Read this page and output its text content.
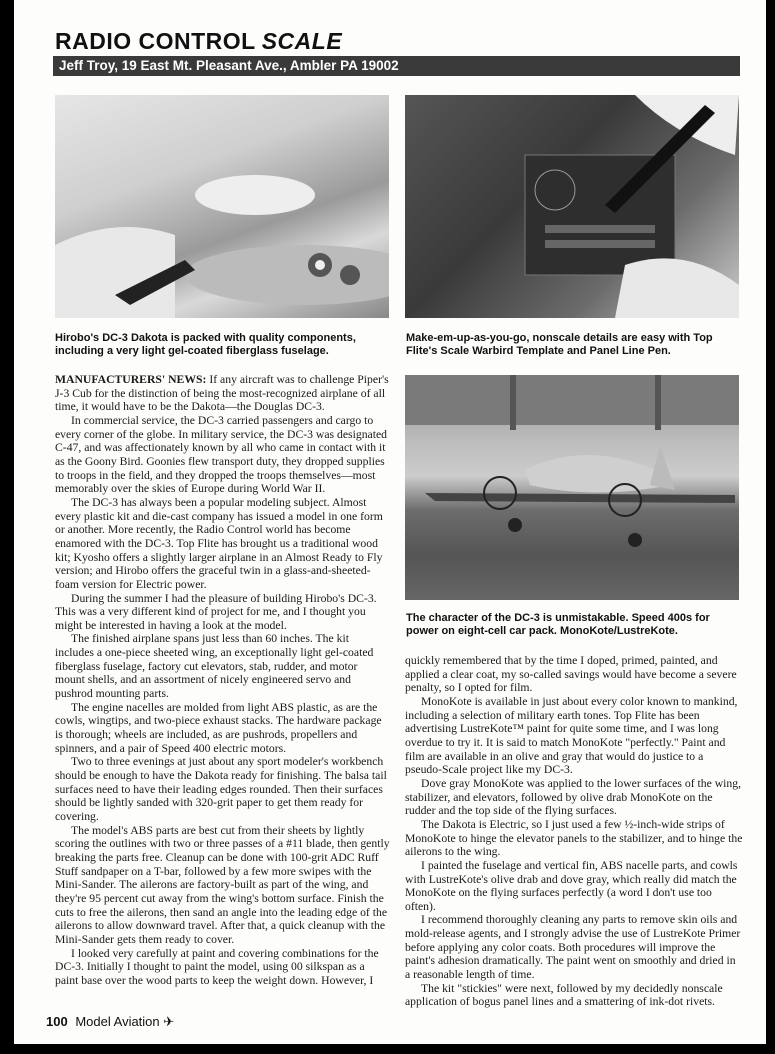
RADIO CONTROL SCALE
Jeff Troy, 19 East Mt. Pleasant Ave., Ambler PA 19002
Hirobo's DC-3 Dakota is packed with quality components, including a very light gel-coated fiberglass fuselage.
Make-em-up-as-you-go, nonscale details are easy with Top Flite's Scale Warbird Template and Panel Line Pen.
The character of the DC-3 is unmistakable. Speed 400s for power on eight-cell car pack. MonoKote/LustreKote.

MANUFACTURERS' NEWS: If any aircraft was to challenge Piper's J-3 Cub for the distinction of being the most-recognized airplane of all time, it would have to be the Dakota—the Douglas DC-3.

In commercial service, the DC-3 carried passengers and cargo to every corner of the globe. In military service, the DC-3 was designated C-47, and was affectionately known by all who came in contact with it as the Goony Bird. Goonies flew transport duty, they dropped supplies to troops in the field, and they dropped the troops themselves—most memorably over the skies of Europe during World War II.

The DC-3 has always been a popular modeling subject. Almost every plastic kit and die-cast company has issued a model in one form or another. More recently, the Radio Control world has become enamored with the DC-3. Top Flite has brought us a traditional wood kit; Kyosho offers a slightly larger airplane in an Almost Ready to Fly version; and Hirobo offers the graceful twin in a glass-and-sheeted-foam version for Electric power.

During the summer I had the pleasure of building Hirobo's DC-3. This was a very different kind of project for me, and I thought you might be interested in having a look at the model.

The finished airplane spans just less than 60 inches. The kit includes a one-piece sheeted wing, an exceptionally light gel-coated fiberglass fuselage, factory cut elevators, stab, rudder, and motor mount shells, and an assortment of nicely engineered servo and pushrod mounting parts.

The engine nacelles are molded from light ABS plastic, as are the cowls, wingtips, and two-piece exhaust stacks. The hardware package is thorough; wheels are included, as are pushrods, propellers and spinners, and a pair of Speed 400 electric motors.

Two to three evenings at just about any sport modeler's workbench should be enough to have the Dakota ready for finishing. The balsa tail surfaces need to have their leading edges rounded. Then their surfaces should be lightly sanded with 320-grit paper to get them ready for covering.

The model's ABS parts are best cut from their sheets by lightly scoring the outlines with two or three passes of a #11 blade, then gently breaking the parts free. Cleanup can be done with 100-grit ADC Ruff Stuff sandpaper on a T-bar, followed by a few more swipes with the Mini-Sander. The ailerons are factory-built as part of the wing, and they're 95 percent cut away from the wing's bottom surface. Finish the cuts to free the ailerons, then sand an angle into the leading edge of the ailerons to allow downward travel. After that, a quick cleanup with the Mini-Sander gets them ready to cover.

I looked very carefully at paint and covering combinations for the DC-3. Initially I thought to paint the model, using 00 silkspan as a paint base over the wood parts to keep the weight down. However, I

quickly remembered that by the time I doped, primed, painted, and applied a clear coat, my so-called savings would have become a severe penalty, so I opted for film.

MonoKote is available in just about every color known to mankind, including a selection of military earth tones. Top Flite has been advertising LustreKote™ paint for quite some time, and I was long overdue to try it. It is said to match MonoKote "perfectly." Paint and film are available in an olive and gray that would do justice to a pseudo-Scale project like my DC-3.

Dove gray MonoKote was applied to the lower surfaces of the wing, stabilizer, and elevators, followed by olive drab MonoKote on the rudder and the top side of the flying surfaces.

The Dakota is Electric, so I just used a few ½-inch-wide strips of MonoKote to hinge the elevator panels to the stabilizer, and to hinge the ailerons to the wing.

I painted the fuselage and vertical fin, ABS nacelle parts, and cowls with LustreKote's olive drab and dove gray, which really did match the MonoKote on the flying surfaces perfectly (a word I don't use too often).

I recommend thoroughly cleaning any parts to remove skin oils and mold-release agents, and I strongly advise the use of LustreKote Primer before applying any color coats. Both procedures will improve the paint's adhesion dramatically. The paint went on smoothly and dried in a reasonable length of time.

The kit "stickies" were next, followed by my decidedly nonscale application of bogus panel lines and a smattering of ink-dot rivets.

100 Model Aviation ✈
